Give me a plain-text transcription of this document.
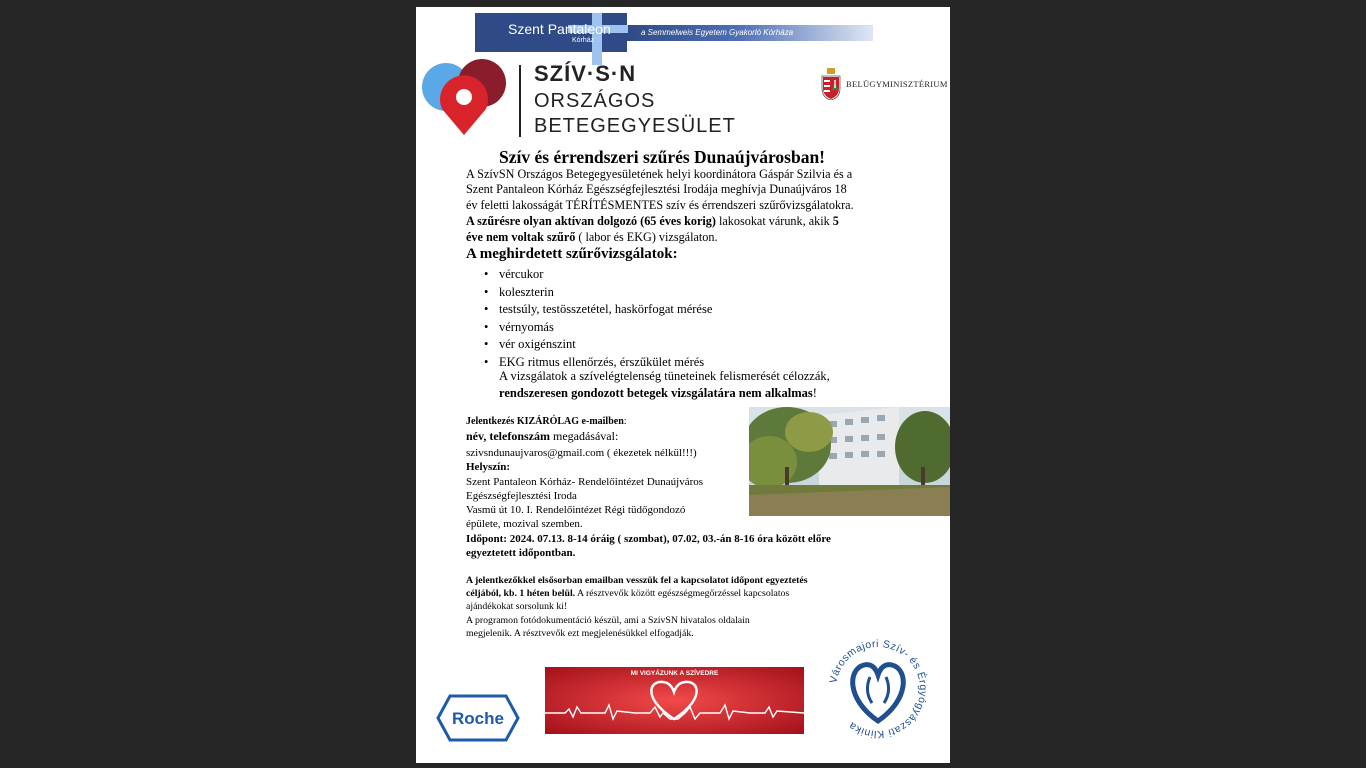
Szent Pantaleon
Kórház
a Semmelweis Egyetem Gyakorló Kórháza
SZÍV·S·N
ORSZÁGOS
BETEGEGYESÜLET
BELÜGYMINISZTÉRIUM
Szív és érrendszeri szűrés Dunaújvárosban!
A SzívSN Országos Betegegyesületének helyi koordinátora Gáspár Szilvia és a
Szent Pantaleon Kórház Egészségfejlesztési Irodája meghívja Dunaújváros 18
év feletti lakosságát TÉRÍTÉSMENTES szív és érrendszeri szűrővizsgálatokra.
A szűrésre olyan aktívan dolgozó (65 éves korig) lakosokat várunk, akik 5
éve nem voltak szűrő ( labor és EKG) vizsgálaton.
A meghirdetett szűrővizsgálatok:
• vércukor
• koleszterin
• testsúly, testösszetétel, haskörfogat mérése
• vérnyomás
• vér oxigénszint
• EKG ritmus ellenőrzés, érszűkület mérés
A vizsgálatok a szívelégtelenség tüneteinek felismerését célozzák,
rendszeresen gondozott betegek vizsgálatára nem alkalmas!
Jelentkezés KIZÁRÓLAG e-mailben:
név, telefonszám megadásával:
szivsndunaujvaros@gmail.com ( ékezetek nélkül!!!)
Helyszín:
Szent Pantaleon Kórház- Rendelőintézet Dunaújváros
Egészségfejlesztési Iroda
Vasmű út 10. I. Rendelőintézet Régi tüdőgondozó
épülete, mozival szemben.
Időpont: 2024. 07.13. 8-14 óráig ( szombat), 07.02, 03.-án 8-16 óra között előre
egyeztetett időpontban.
A jelentkezőkkel elsősorban emailban vesszük fel a kapcsolatot időpont egyeztetés
céljából, kb. 1 héten belül. A résztvevők között egészségmegőrzéssel kapcsolatos
ajándékokat sorsolunk ki!
A programon fotódokumentáció készül, ami a SzívSN hivatalos oldalain
megjelenik. A résztvevők ezt megjelenésükkel elfogadják.
Roche
MI VIGYÁZUNK A SZÍVEDRE
Városmajori Szív- és Érgyógyászati Klinika
